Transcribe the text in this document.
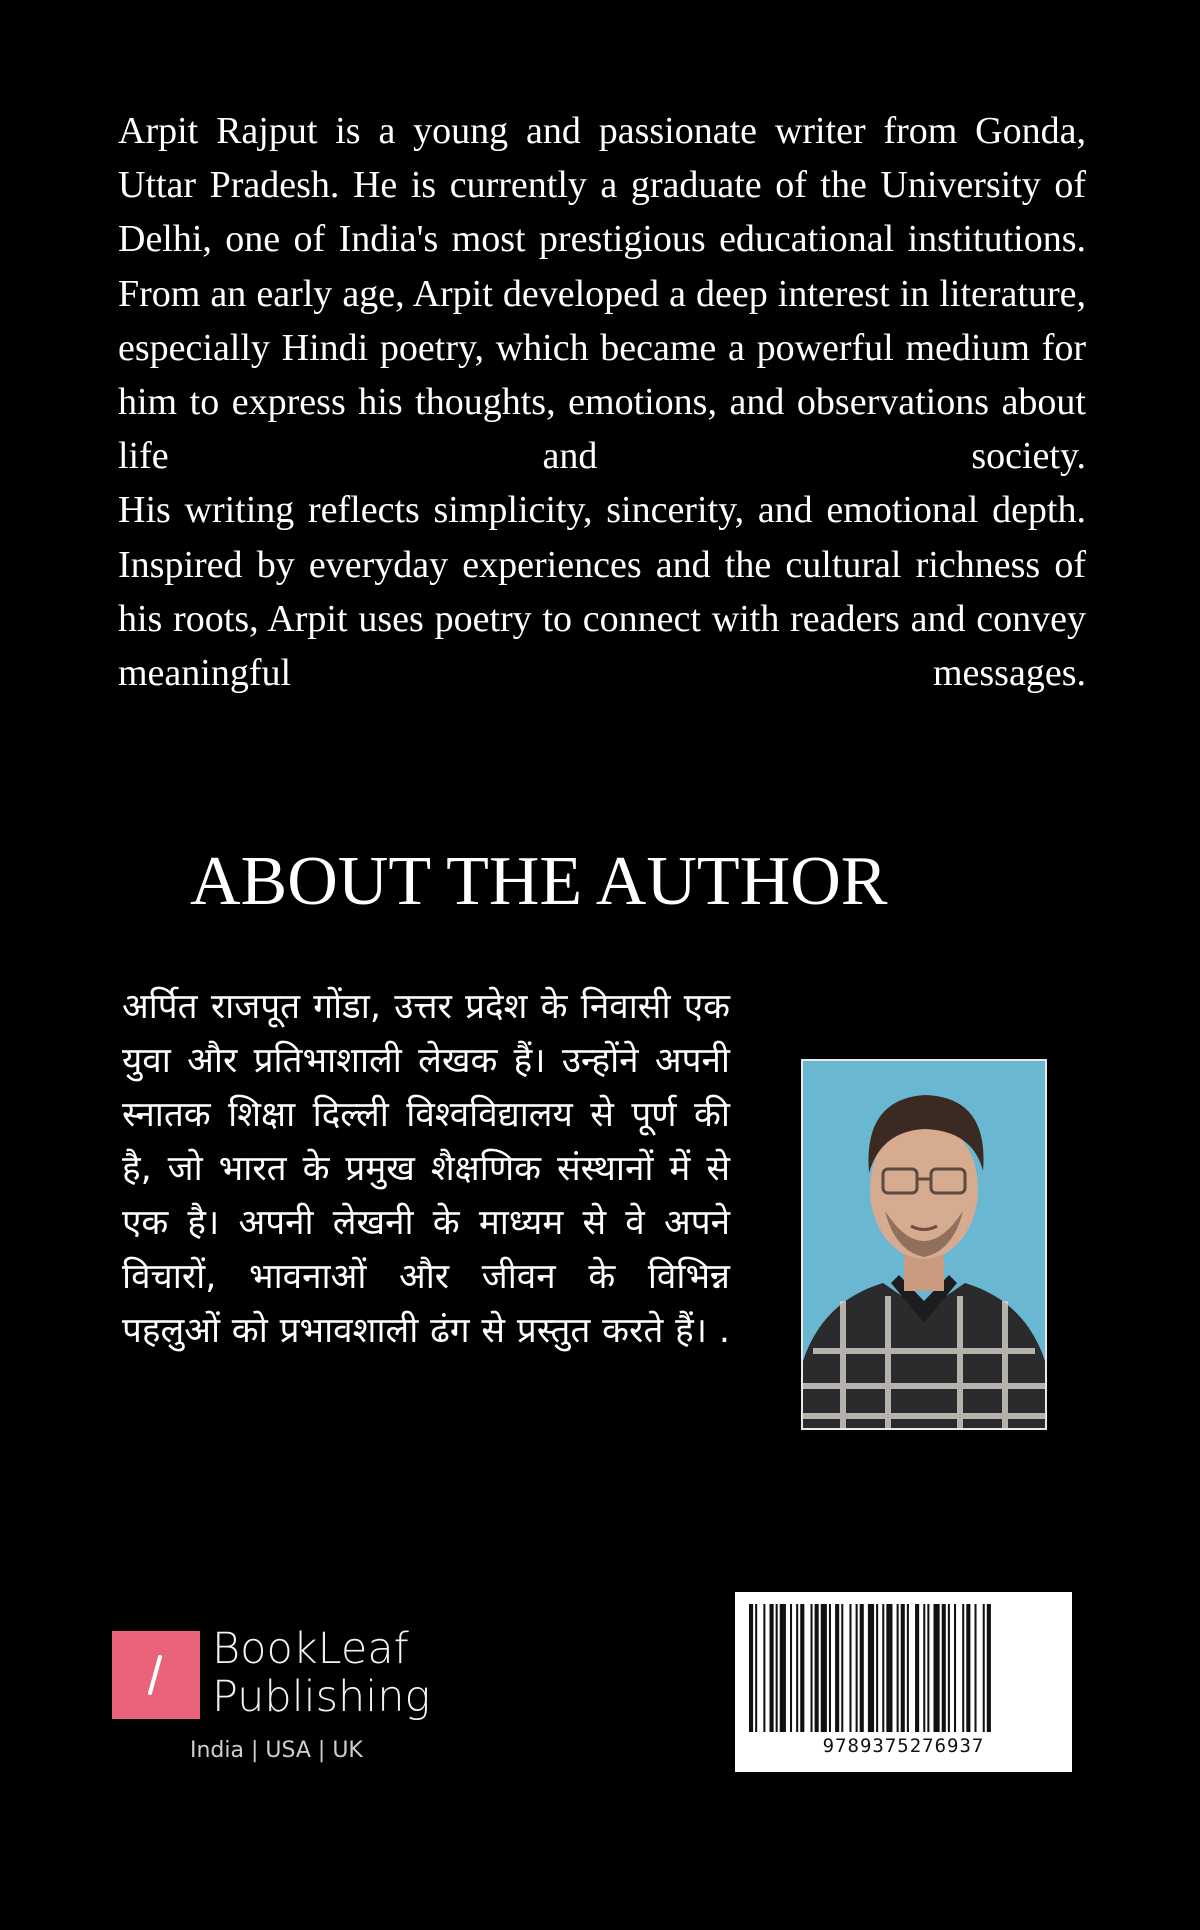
Arpit Rajput is a young and passionate writer from Gonda, Uttar Pradesh. He is currently a graduate of the University of Delhi, one of India's most prestigious educational institutions. From an early age, Arpit developed a deep interest in literature, especially Hindi poetry, which became a powerful medium for him to express his thoughts, emotions, and observations about life and society.

His writing reflects simplicity, sincerity, and emotional depth. Inspired by everyday experiences and the cultural richness of his roots, Arpit uses poetry to connect with readers and convey meaningful messages.

ABOUT THE AUTHOR

अर्पित राजपूत गोंडा, उत्तर प्रदेश के निवासी एक युवा और प्रतिभाशाली लेखक हैं। उन्होंने अपनी स्नातक शिक्षा दिल्ली विश्वविद्यालय से पूर्ण की है, जो भारत के प्रमुख शैक्षणिक संस्थानों में से एक है। अपनी लेखनी के माध्यम से वे अपने विचारों, भावनाओं और जीवन के विभिन्न पहलुओं को प्रभावशाली ढंग से प्रस्तुत करते हैं। .

BookLeaf
Publishing
India | USA | UK	9789375276937
